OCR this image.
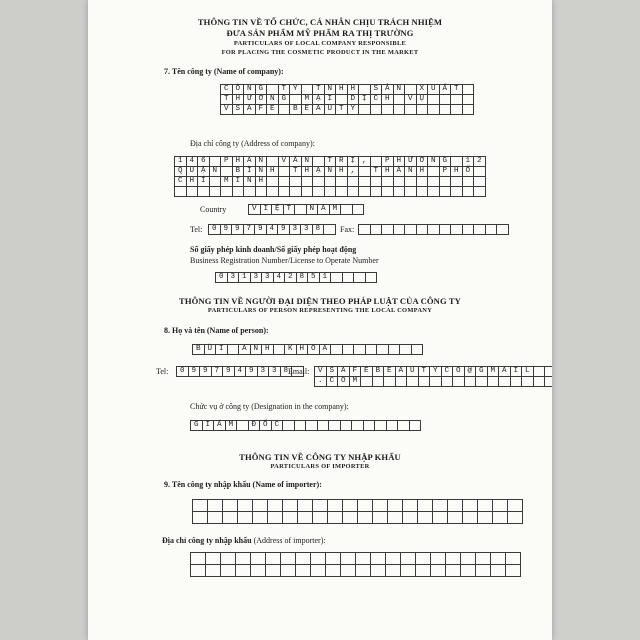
THÔNG TIN VỀ TỔ CHỨC, CÁ NHÂN CHỊU TRÁCH NHIỆM
ĐƯA SẢN PHẨM MỸ PHẨM RA THỊ TRƯỜNG
PARTICULARS OF LOCAL COMPANY RESPONSIBLE
FOR PLACING THE COSMETIC PRODUCT IN THE MARKET
7. Tên công ty (Name of company):
C Ô N G	T Y	T N H H	S Ả N	X U Ấ T
T H Ư Ơ N G	M Ạ I	D Ị C H	V Ụ
V S A F E	B E A U T Y
Địa chỉ công ty (Address of company):
1 4 6	P H A N	V Ă N	T R Ị ,	P H Ư Ờ N G	1 2
Q U Ậ N	B Ì N H	T H Ạ N H ,	T H À N H	P H Ố
C H Í	M I N H
Country	V I Ệ T	N A M
Tel:	0 9 9 7 9 4 9 3 3 8	Fax:
Số giấy phép kinh doanh/Số giấy phép hoạt động
Business Registration Number/License to Operate Number
0 3 1 3 3 4 2 8 5 1
THÔNG TIN VỀ NGƯỜI ĐẠI DIỆN THEO PHÁP LUẬT CỦA CÔNG TY
PARTICULARS OF PERSON REPRESENTING THE LOCAL COMPANY
8. Họ và tên (Name of person):
B Ù I	A N H	K H O A
Tel:	0 9 9 7 9 4 9 3 3 8 Email:	V S A F E B E A U T Y C O @ G M A I L
. C O M
Chức vụ ở công ty (Designation in the company):
G I Á M	Đ Ố C
THÔNG TIN VỀ CÔNG TY NHẬP KHẨU
PARTICULARS OF IMPORTER
9. Tên công ty nhập khẩu (Name of importer):
Địa chỉ công ty nhập khẩu (Address of importer):
